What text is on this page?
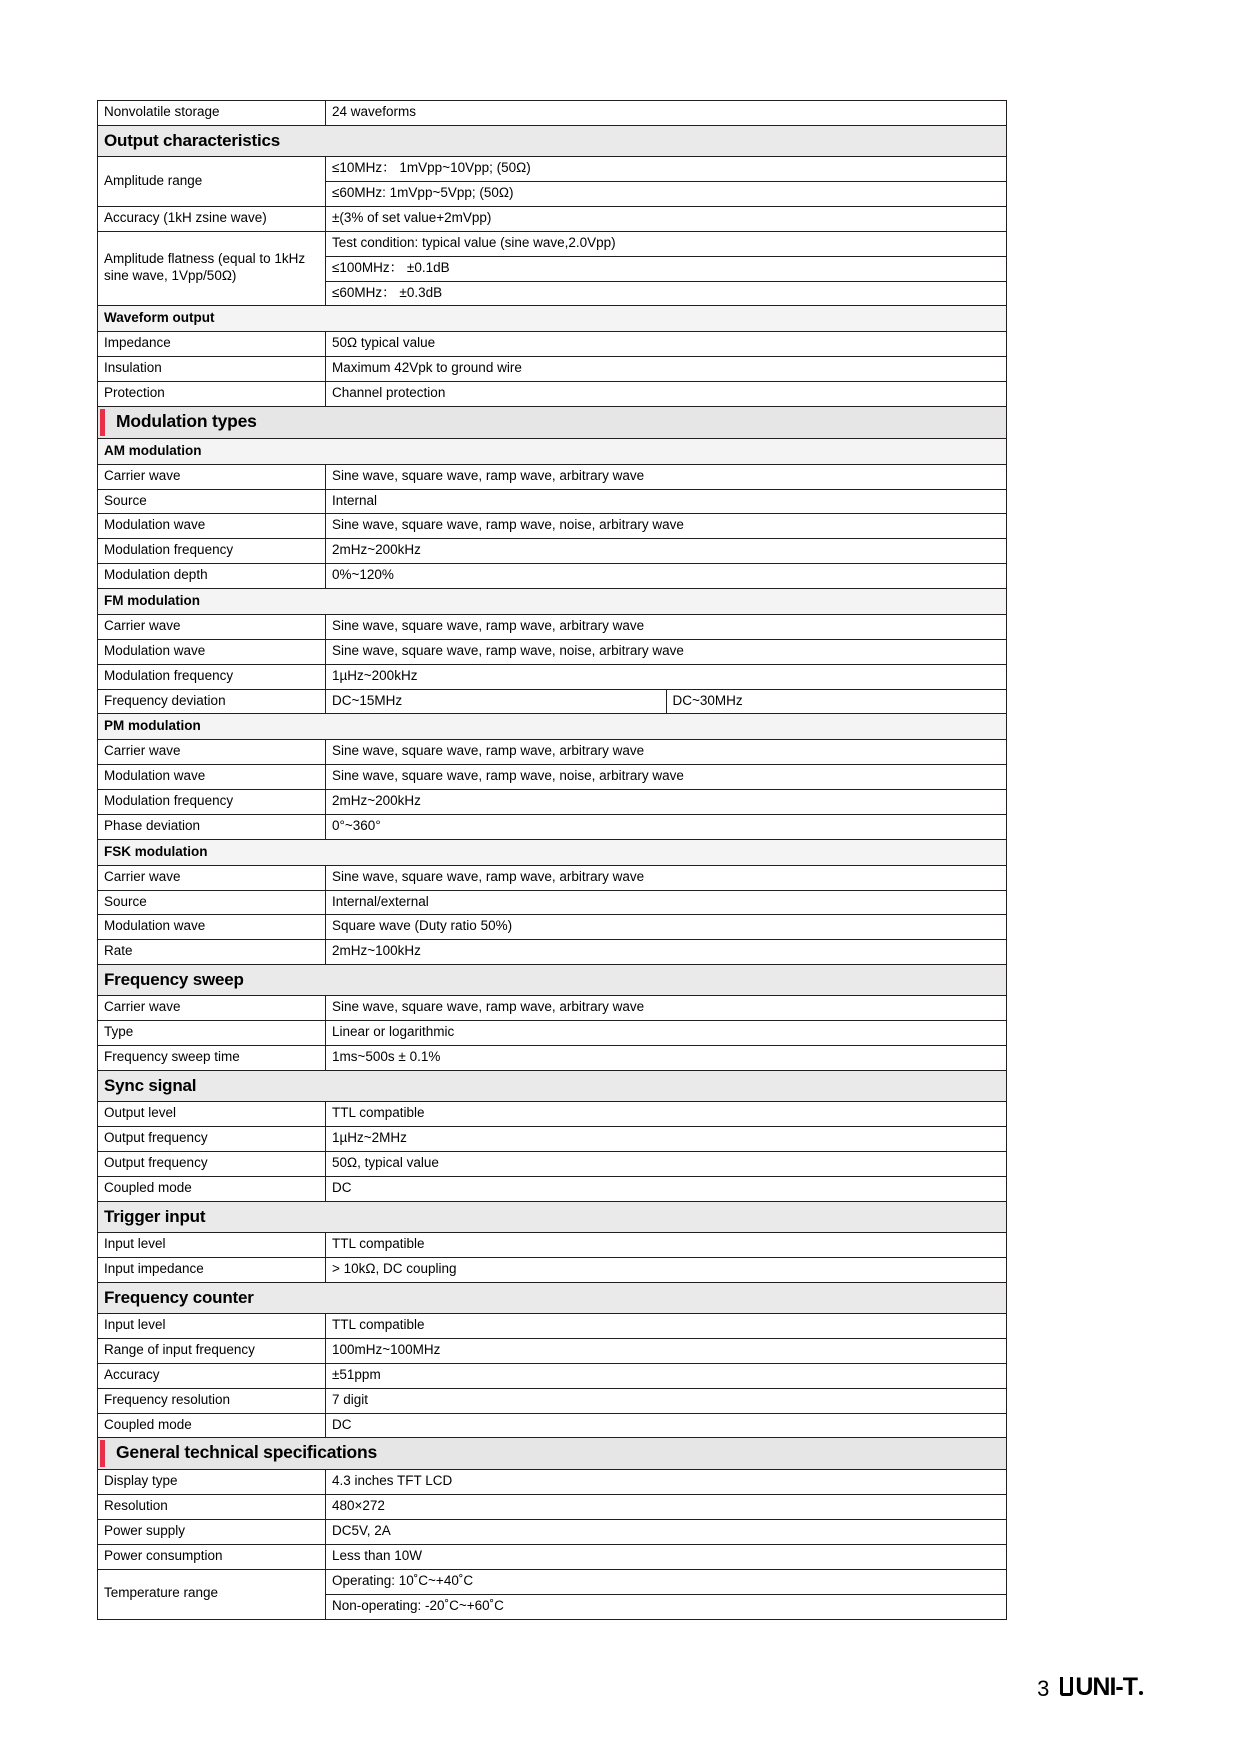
Nonvolatile storage	24 waveforms	
Output characteristics		
Amplitude range	≤10MHz： 1mVpp~10Vpp; (50Ω)	
	≤60MHz: 1mVpp~5Vpp; (50Ω)	
Accuracy (1kH zsine wave)	±(3% of set value+2mVpp)	
Amplitude flatness (equal to 1kHz sine wave, 1Vpp/50Ω)	Test condition: typical value (sine wave,2.0Vpp)	
	≤100MHz： ±0.1dB	
	≤60MHz： ±0.3dB	
Waveform output		
Impedance	50Ω typical value	
Insulation	Maximum 42Vpk to ground wire	
Protection	Channel protection	

Modulation types		
AM modulation		
Carrier wave	Sine wave, square wave, ramp wave, arbitrary wave	
Source	Internal	
Modulation wave	Sine wave, square wave, ramp wave, noise, arbitrary wave	
Modulation frequency	2mHz~200kHz	
Modulation depth	0%~120%	
FM modulation		
Carrier wave	Sine wave, square wave, ramp wave, arbitrary wave	
Modulation wave	Sine wave, square wave, ramp wave, noise, arbitrary wave	
Modulation frequency	1µHz~200kHz	
Frequency deviation	DC~15MHz	DC~30MHz
PM modulation		
Carrier wave	Sine wave, square wave, ramp wave, arbitrary wave	
Modulation wave	Sine wave, square wave, ramp wave, noise, arbitrary wave	
Modulation frequency	2mHz~200kHz	
Phase deviation	0°~360°	
FSK modulation		
Carrier wave	Sine wave, square wave, ramp wave, arbitrary wave	
Source	Internal/external	
Modulation wave	Square wave (Duty ratio 50%)	
Rate	2mHz~100kHz	
Frequency sweep		
Carrier wave	Sine wave, square wave, ramp wave, arbitrary wave	
Type	Linear or logarithmic	
Frequency sweep time	1ms~500s ± 0.1%	
Sync signal		
Output level	TTL compatible	
Output frequency	1µHz~2MHz	
Output frequency	50Ω, typical value	
Coupled mode	DC	
Trigger input		
Input level	TTL compatible	
Input impedance	> 10kΩ, DC coupling	
Frequency counter		
Input level	TTL compatible	
Range of input frequency	100mHz~100MHz	
Accuracy	±51ppm	
Frequency resolution	7 digit	
Coupled mode	DC	

General technical specifications		
Display type	4.3 inches TFT LCD	
Resolution	480×272	
Power supply	DC5V, 2A	
Power consumption	Less than 10W	
Temperature range	Operating: 10˚C~+40˚C	
	Non-operating: -20˚C~+60˚C	
3 UNI-T
